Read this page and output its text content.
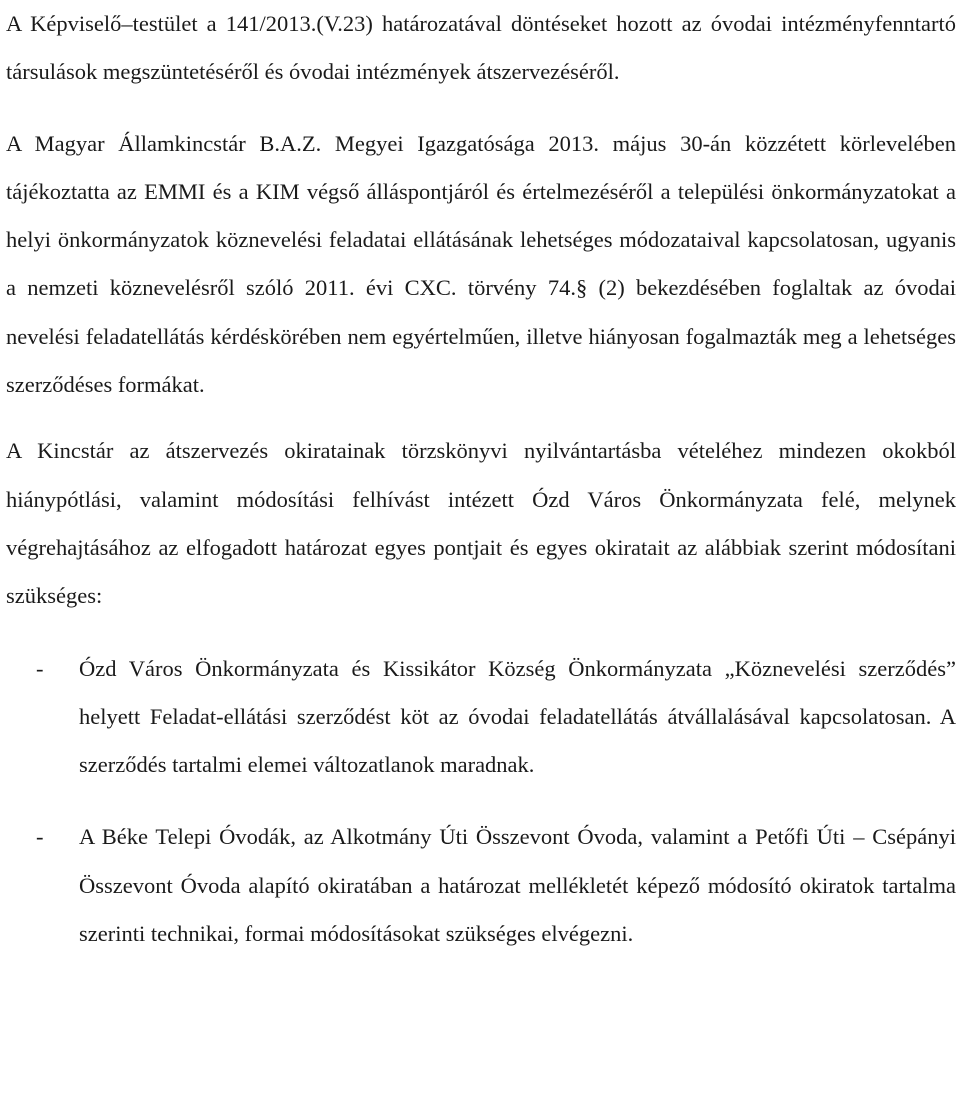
A Képviselő–testület a 141/2013.(V.23) határozatával döntéseket hozott az óvodai intézményfenntartó társulások megszüntetéséről és óvodai intézmények átszervezéséről.

A Magyar Államkincstár B.A.Z. Megyei Igazgatósága 2013. május 30-án közzétett körlevelében tájékoztatta az EMMI és a KIM végső álláspontjáról és értelmezéséről a települési önkormányzatokat a helyi önkormányzatok köznevelési feladatai ellátásának lehetséges módozataival kapcsolatosan, ugyanis a nemzeti köznevelésről szóló 2011. évi CXC. törvény 74.§ (2) bekezdésében foglaltak az óvodai nevelési feladatellátás kérdéskörében nem egyértelműen, illetve hiányosan fogalmazták meg a lehetséges szerződéses formákat.

A Kincstár az átszervezés okiratainak törzskönyvi nyilvántartásba vételéhez mindezen okokból hiánypótlási, valamint módosítási felhívást intézett Ózd Város Önkormányzata felé, melynek végrehajtásához az elfogadott határozat egyes pontjait és egyes okiratait az alábbiak szerint módosítani szükséges:

- Ózd Város Önkormányzata és Kissikátor Község Önkormányzata „Köznevelési szerződés” helyett Feladat-ellátási szerződést köt az óvodai feladatellátás átvállalásával kapcsolatosan. A szerződés tartalmi elemei változatlanok maradnak.
- A Béke Telepi Óvodák, az Alkotmány Úti Összevont Óvoda, valamint a Petőfi Úti – Csépányi Összevont Óvoda alapító okiratában a határozat mellékletét képező módosító okiratok tartalma szerinti technikai, formai módosításokat szükséges elvégezni.
